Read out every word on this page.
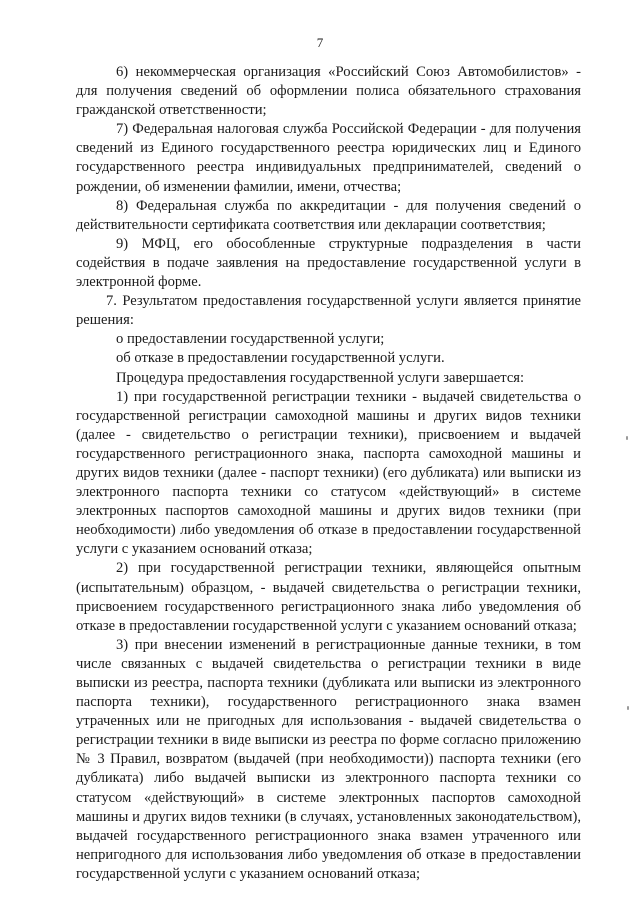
7

6) некоммерческая организация «Российский Союз Автомобилистов» - для получения сведений об оформлении полиса обязательного страхования гражданской ответственности;

7) Федеральная налоговая служба Российской Федерации - для получения сведений из Единого государственного реестра юридических лиц и Единого государственного реестра индивидуальных предпринимателей, сведений о рождении, об изменении фамилии, имени, отчества;

8) Федеральная служба по аккредитации - для получения сведений о действительности сертификата соответствия или декларации соответствия;

9) МФЦ, его обособленные структурные подразделения в части содействия в подаче заявления на предоставление государственной услуги в электронной форме.

7. Результатом предоставления государственной услуги является принятие решения:

о предоставлении государственной услуги;

об отказе в предоставлении государственной услуги.

Процедура предоставления государственной услуги завершается:

1) при государственной регистрации техники - выдачей свидетельства о государственной регистрации самоходной машины и других видов техники (далее - свидетельство о регистрации техники), присвоением и выдачей государственного регистрационного знака, паспорта самоходной машины и других видов техники (далее - паспорт техники) (его дубликата) или выписки из электронного паспорта техники со статусом «действующий» в системе электронных паспортов самоходной машины и других видов техники (при необходимости) либо уведомления об отказе в предоставлении государственной услуги с указанием оснований отказа;

2) при государственной регистрации техники, являющейся опытным (испытательным) образцом, - выдачей свидетельства о регистрации техники, присвоением государственного регистрационного знака либо уведомления об отказе в предоставлении государственной услуги с указанием оснований отказа;

3) при внесении изменений в регистрационные данные техники, в том числе связанных с выдачей свидетельства о регистрации техники в виде выписки из реестра, паспорта техники (дубликата или выписки из электронного паспорта техники), государственного регистрационного знака взамен утраченных или не пригодных для использования - выдачей свидетельства о регистрации техники в виде выписки из реестра по форме согласно приложению № 3 Правил, возвратом (выдачей (при необходимости)) паспорта техники (его дубликата) либо выдачей выписки из электронного паспорта техники со статусом «действующий» в системе электронных паспортов самоходной машины и других видов техники (в случаях, установленных законодательством), выдачей государственного регистрационного знака взамен утраченного или непригодного для использования либо уведомления об отказе в предоставлении государственной услуги с указанием оснований отказа;
